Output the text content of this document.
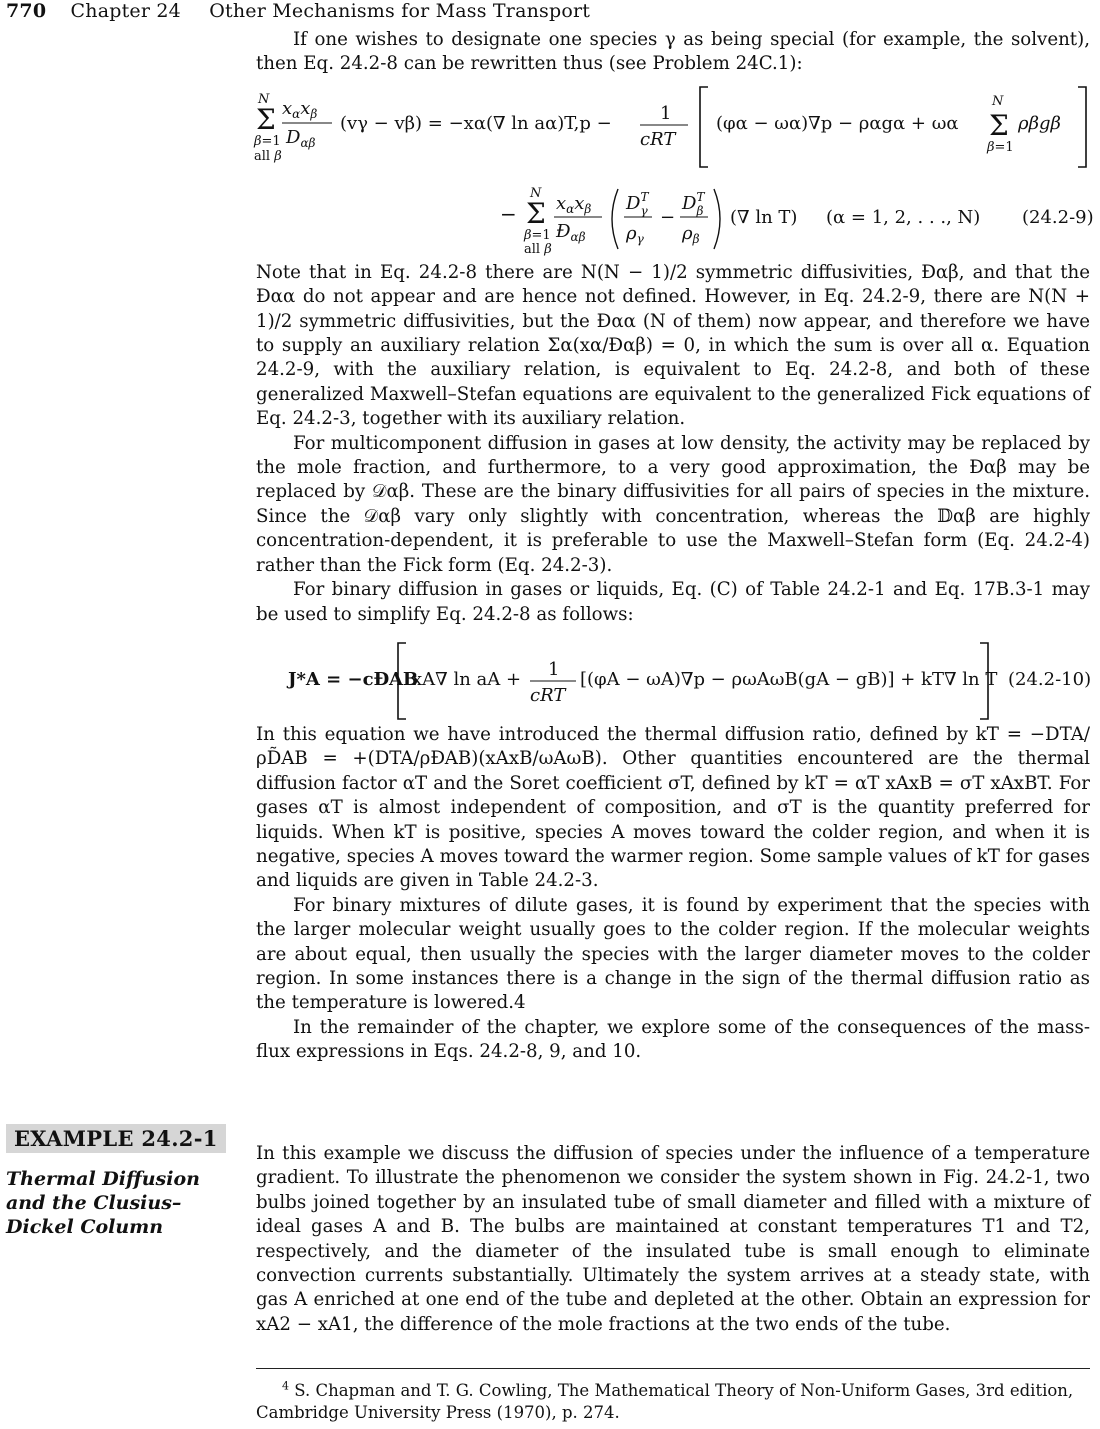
770 Chapter 24 Other Mechanisms for Mass Transport

If one wishes to designate one species γ as being special (for example, the solvent), then Eq. 24.2-8 can be rewritten thus (see Problem 24C.1):

N
Σ
β=1
all β
$x_\alpha x_\beta$
$D_{\alpha\beta}$
(vγ − vβ) = −xα(∇ ln aα)T,p −	1
cRT
(φα − ωα)∇p − ραgα + ωα
N
Σ
β=1
ρβgβ
−
N
Σ
β=1
all β
$x_\alpha x_\beta$
$Ð_{\alpha\beta}$
$D^T$ γ
$\rho_\gamma$
−
$D^T$ β
$\rho_\beta$
(∇ ln T) (α = 1, 2, . . ., N) (24.2-9)

Note that in Eq. 24.2-8 there are N(N − 1)/2 symmetric diffusivities, Ðαβ, and that the Ðαα do not appear and are hence not defined. However, in Eq. 24.2-9, there are N(N + 1)/2 symmetric diffusivities, but the Ðαα (N of them) now appear, and therefore we have to supply an auxiliary relation Σα(xα/Ðαβ) = 0, in which the sum is over all α. Equation 24.2-9, with the auxiliary relation, is equivalent to Eq. 24.2-8, and both of these generalized Maxwell–Stefan equations are equivalent to the generalized Fick equations of Eq. 24.2-3, together with its auxiliary relation.

For multicomponent diffusion in gases at low density, the activity may be replaced by the mole fraction, and furthermore, to a very good approximation, the Ðαβ may be replaced by 𝒟αβ. These are the binary diffusivities for all pairs of species in the mixture. Since the 𝒟αβ vary only slightly with concentration, whereas the 𝔻αβ are highly concentration-dependent, it is preferable to use the Maxwell–Stefan form (Eq. 24.2-4) rather than the Fick form (Eq. 24.2-3).

For binary diffusion in gases or liquids, Eq. (C) of Table 24.2-1 and Eq. 17B.3-1 may be used to simplify Eq. 24.2-8 as follows:

J*A = −cÐAB
xA∇ ln aA + 1
cRT
[(φA − ωA)∇p − ρωAωB(gA − gB)] + kT∇ ln T (24.2-10)

In this equation we have introduced the thermal diffusion ratio, defined by kT = −DTA/ρD̃AB = +(DTA/ρÐAB)(xAxB/ωAωB). Other quantities encountered are the thermal diffusion factor αT and the Soret coefficient σT, defined by kT = αT xAxB = σT xAxBT. For gases αT is almost independent of composition, and σT is the quantity preferred for liquids. When kT is positive, species A moves toward the colder region, and when it is negative, species A moves toward the warmer region. Some sample values of kT for gases and liquids are given in Table 24.2-3.

For binary mixtures of dilute gases, it is found by experiment that the species with the larger molecular weight usually goes to the colder region. If the molecular weights are about equal, then usually the species with the larger diameter moves to the colder region. In some instances there is a change in the sign of the thermal diffusion ratio as the temperature is lowered.4

In the remainder of the chapter, we explore some of the consequences of the mass-flux expressions in Eqs. 24.2-8, 9, and 10.

EXAMPLE 24.2-1
Thermal Diffusion and the Clusius–Dickel Column

In this example we discuss the diffusion of species under the influence of a temperature gradient. To illustrate the phenomenon we consider the system shown in Fig. 24.2-1, two bulbs joined together by an insulated tube of small diameter and filled with a mixture of ideal gases A and B. The bulbs are maintained at constant temperatures T1 and T2, respectively, and the diameter of the insulated tube is small enough to eliminate convection currents substantially. Ultimately the system arrives at a steady state, with gas A enriched at one end of the tube and depleted at the other. Obtain an expression for xA2 − xA1, the difference of the mole fractions at the two ends of the tube.

$^4$ S. Chapman and T. G. Cowling, The Mathematical Theory of Non-Uniform Gases, 3rd edition, Cambridge University Press (1970), p. 274.
